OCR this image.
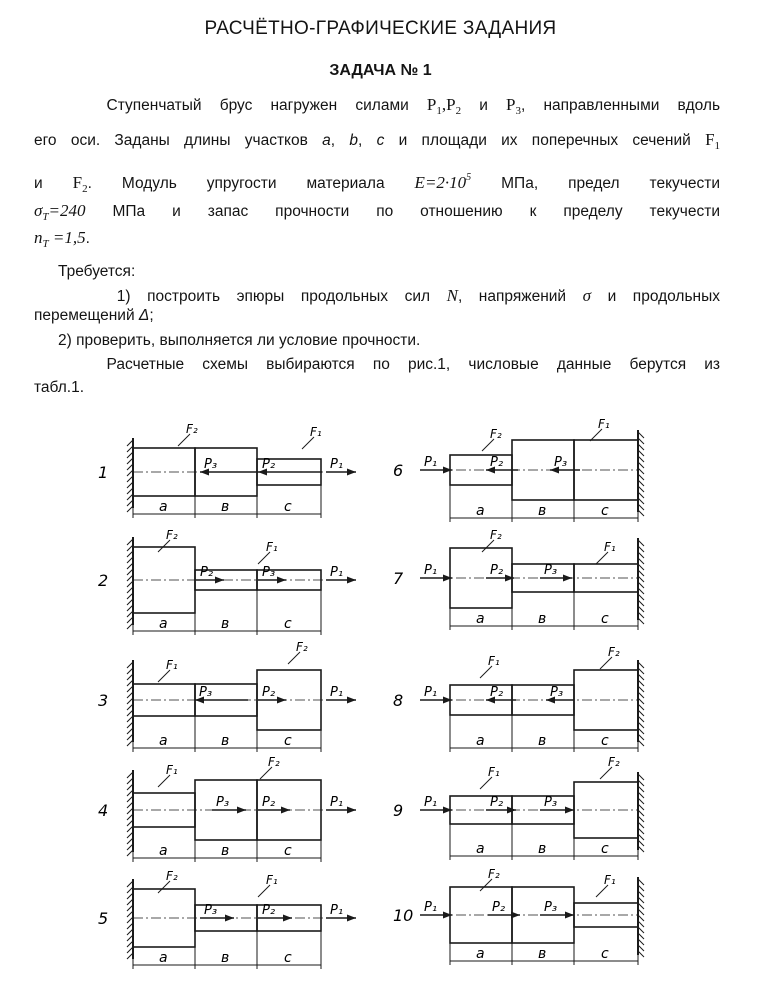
РАСЧЁТНО-ГРАФИЧЕСКИЕ ЗАДАНИЯ
ЗАДАЧА № 1
Ступенчатый брус нагружен силами $P_1,P_2$ и $P_3$, направленными вдоль
его оси. Заданы длины участков a, b, c и площади их поперечных сечений $F_1$
и $F_2$. Модуль упругости материала $E=2\cdot 10^5$ МПа, предел текучести
$\sigma_T=240$ МПа и запас прочности по отношению к пределу текучести
$n_T =1,5$.
Требуется:
1) построить эпюры продольных сил N, напряжений σ и продольных
перемещений Δ;
2) проверить, выполняется ли условие прочности.
Расчетные схемы выбираются по рис.1, числовые данные берутся из
табл.1.
1
a	в	c
P₃	P₂	P₁
F₂	F₁
2
a	в	c
P₂	P₃	P₁
F₂
F₁
3
a	в	c
P₃	P₂	P₁
F₁
F₂
4
a	в	c
P₃	P₂	P₁
F₁
F₂
5
a	в	c
P₃	P₂	P₁
F₂	F₁
6
a	в	c
P₁	P₂	P₃
F₂
F₁
7
a	в	c
P₁	P₂	P₃
F₂
F₁
8
a	в	c
P₁	P₂	P₃
F₁
F₂
9
a	в	c
P₁	P₂	P₃
F₁
F₂
10
a	в	c
P₁	P₂	P₃
F₂	F₁
